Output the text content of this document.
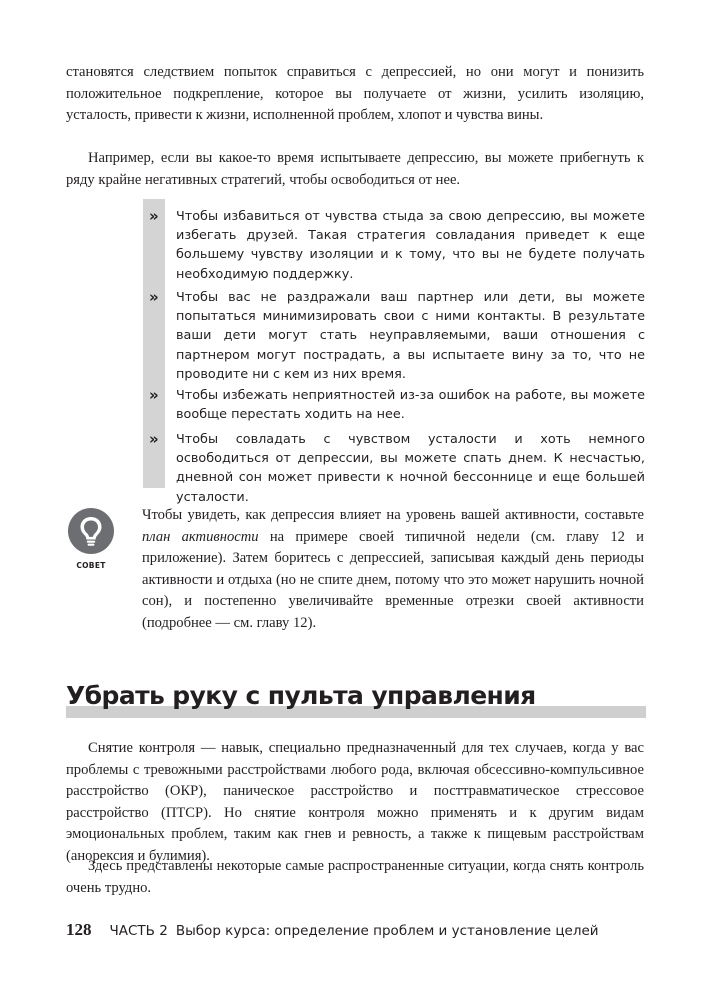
становятся следствием попыток справиться с депрессией, но они могут и понизить положительное подкрепление, которое вы получаете от жизни, усилить изоляцию, усталость, привести к жизни, исполненной проблем, хлопот и чувства вины.

Например, если вы какое-то время испытываете депрессию, вы можете прибегнуть к ряду крайне негативных стратегий, чтобы освободиться от нее.

» Чтобы избавиться от чувства стыда за свою депрессию, вы можете избегать друзей. Такая стратегия совладания приведет к еще большему чувству изоляции и к тому, что вы не будете получать необходимую поддержку.

» Чтобы вас не раздражали ваш партнер или дети, вы можете попытаться минимизировать свои с ними контакты. В результате ваши дети могут стать неуправляемыми, ваши отношения с партнером могут пострадать, а вы испытаете вину за то, что не проводите ни с кем из них время.

» Чтобы избежать неприятностей из-за ошибок на работе, вы можете вообще перестать ходить на нее.

» Чтобы совладать с чувством усталости и хоть немного освободиться от депрессии, вы можете спать днем. К несчастью, дневной сон может привести к ночной бессоннице и еще большей усталости.

СОВЕТ

Чтобы увидеть, как депрессия влияет на уровень вашей активности, составьте план активности на примере своей типичной недели (см. главу 12 и приложение). Затем боритесь с депрессией, записывая каждый день периоды активности и отдыха (но не спите днем, потому что это может нарушить ночной сон), и постепенно увеличивайте временные отрезки своей активности (подробнее — см. главу 12).

Убрать руку с пульта управления

Снятие контроля — навык, специально предназначенный для тех случаев, когда у вас проблемы с тревожными расстройствами любого рода, включая обсессивно-компульсивное расстройство (ОКР), паническое расстройство и посттравматическое стрессовое расстройство (ПТСР). Но снятие контроля можно применять и к другим видам эмоциональных проблем, таким как гнев и ревность, а также к пищевым расстройствам (анорексия и булимия).

Здесь представлены некоторые самые распространенные ситуации, когда снять контроль очень трудно.

128 ЧАСТЬ 2 Выбор курса: определение проблем и установление целей
